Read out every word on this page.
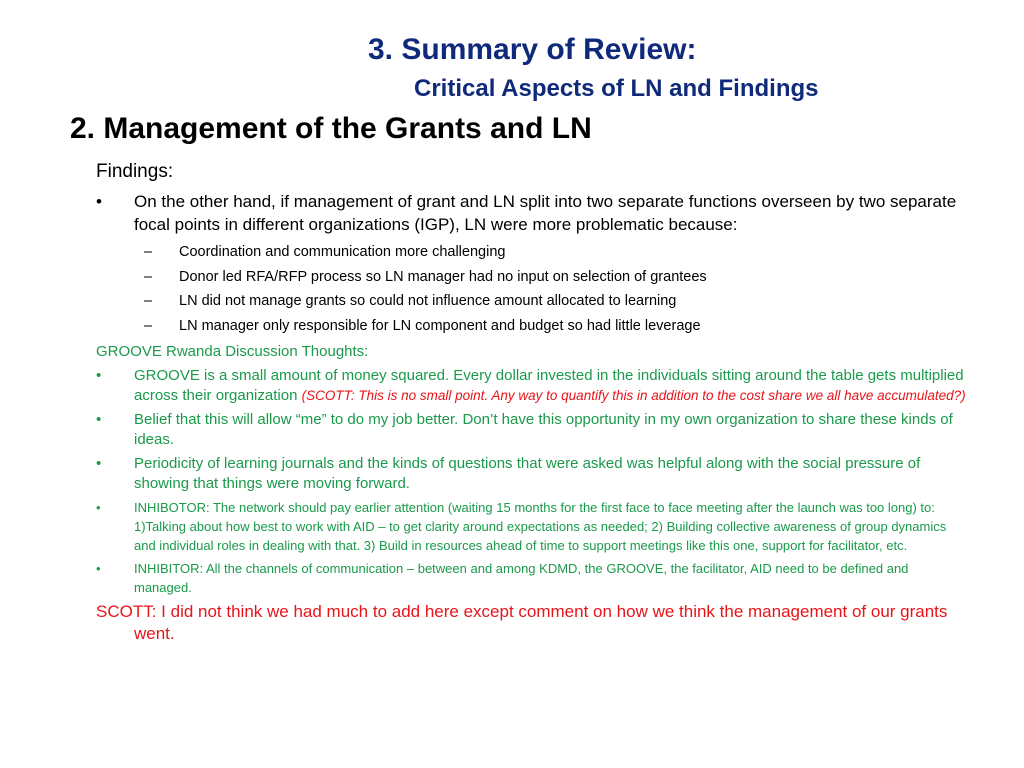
3. Summary of Review:
Critical Aspects of LN and Findings
2. Management of the Grants and LN

Findings:

• On the other hand, if management of grant and LN split into two separate functions overseen by two separate focal points in different organizations (IGP), LN were more problematic because:
– Coordination and communication more challenging
– Donor led RFA/RFP process so LN manager had no input on selection of grantees
– LN did not manage grants so could not influence amount allocated to learning
– LN manager only responsible for LN component and budget so had little leverage

GROOVE Rwanda Discussion Thoughts:

• GROOVE is a small amount of money squared. Every dollar invested in the individuals sitting around the table gets multiplied across their organization (SCOTT: This is no small point. Any way to quantify this in addition to the cost share we all have accumulated?)
• Belief that this will allow “me” to do my job better. Don’t have this opportunity in my own organization to share these kinds of ideas.
• Periodicity of learning journals and the kinds of questions that were asked was helpful along with the social pressure of showing that things were moving forward.
•	INHIBOTOR: The network should pay earlier attention (waiting 15 months for the first face to face meeting after the launch was too long) to: 1)Talking about how best to work with AID – to get clarity around expectations as needed; 2) Building collective awareness of group dynamics and individual roles in dealing with that. 3) Build in resources ahead of time to support meetings like this one, support for facilitator, etc.
•	INHIBITOR: All the channels of communication – between and among KDMD, the GROOVE, the facilitator, AID need to be defined and managed.

SCOTT: I did not think we had much to add here except comment on how we think the management of our grants went.
